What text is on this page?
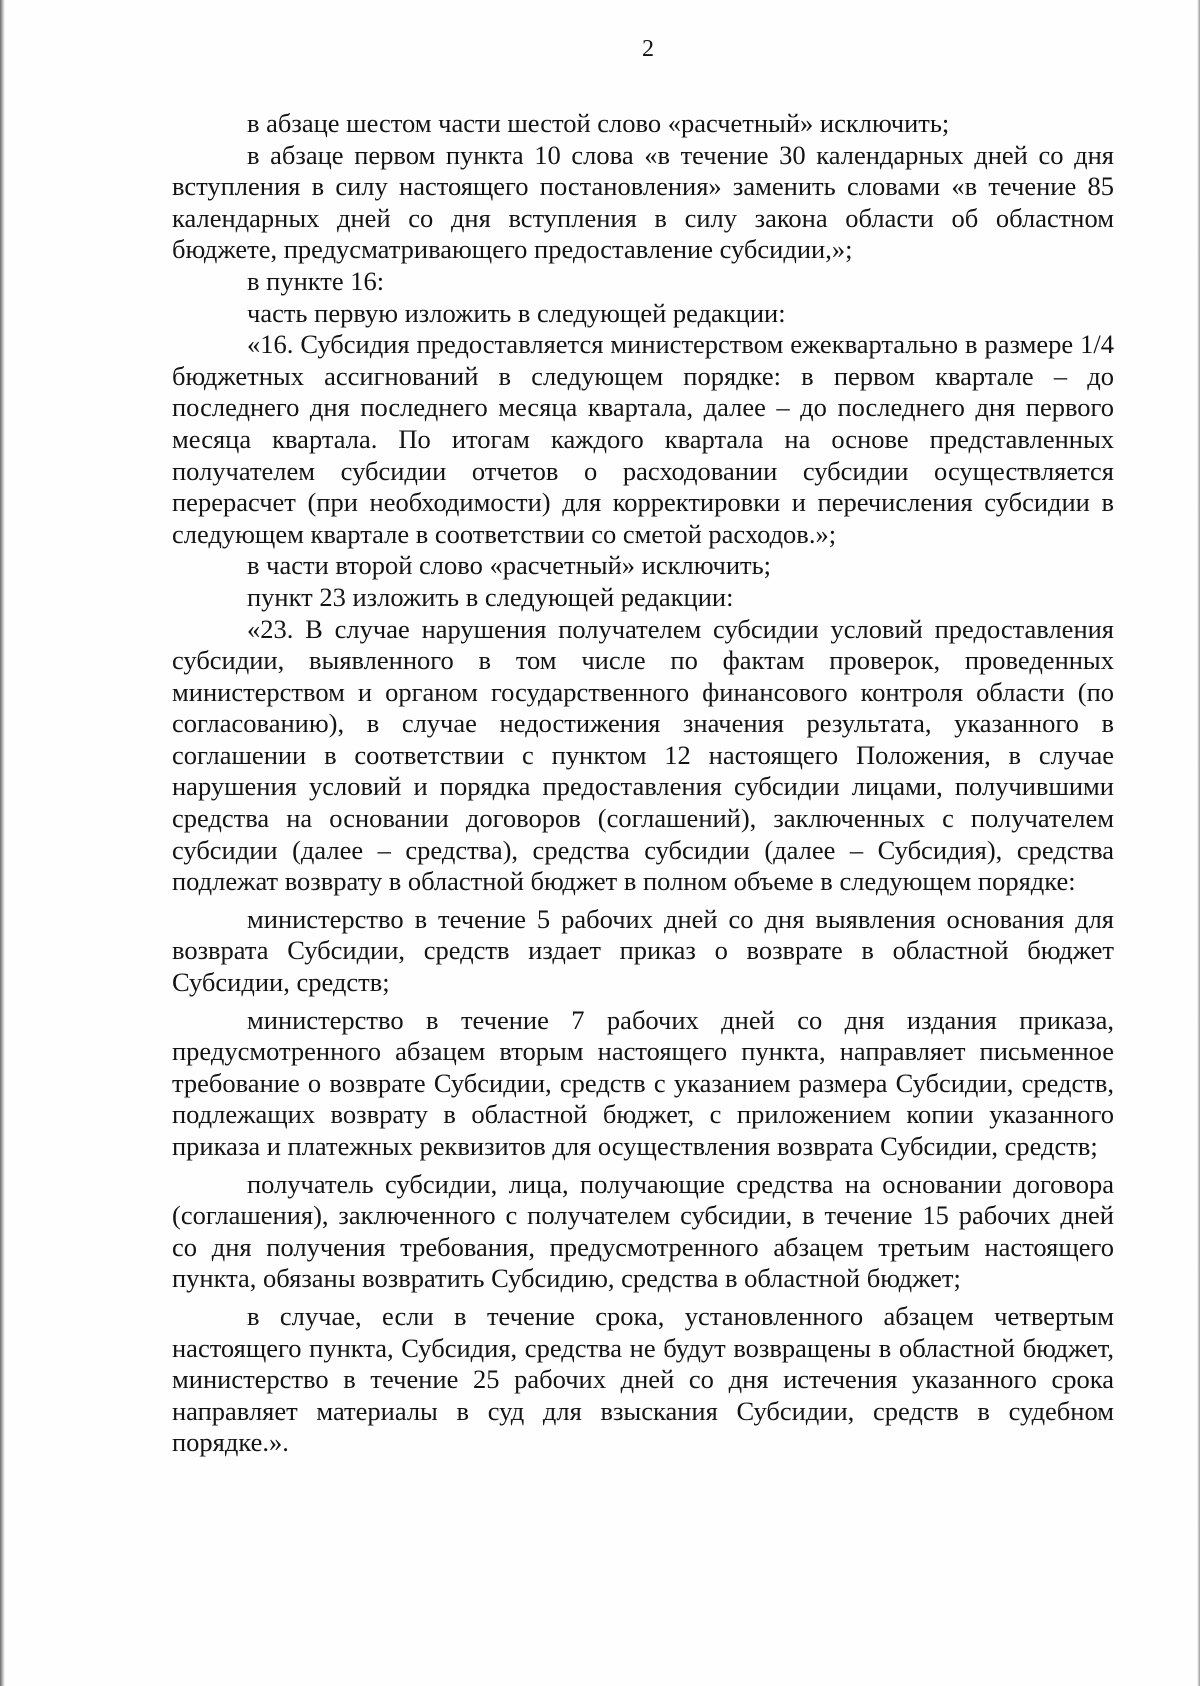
2

в абзаце шестом части шестой слово «расчетный» исключить;

в абзаце первом пункта 10 слова «в течение 30 календарных дней со дня вступления в силу настоящего постановления» заменить словами «в течение 85 календарных дней со дня вступления в силу закона области об областном бюджете, предусматривающего предоставление субсидии,»;

в пункте 16:

часть первую изложить в следующей редакции:

«16. Субсидия предоставляется министерством ежеквартально в размере 1/4 бюджетных ассигнований в следующем порядке: в первом квартале – до последнего дня последнего месяца квартала, далее – до последнего дня первого месяца квартала. По итогам каждого квартала на основе представленных получателем субсидии отчетов о расходовании субсидии осуществляется перерасчет (при необходимости) для корректировки и перечисления субсидии в следующем квартале в соответствии со сметой расходов.»;

в части второй слово «расчетный» исключить;

пункт 23 изложить в следующей редакции:

«23. В случае нарушения получателем субсидии условий предоставления субсидии, выявленного в том числе по фактам проверок, проведенных министерством и органом государственного финансового контроля области (по согласованию), в случае недостижения значения результата, указанного в соглашении в соответствии с пунктом 12 настоящего Положения, в случае нарушения условий и порядка предоставления субсидии лицами, получившими средства на основании договоров (соглашений), заключенных с получателем субсидии (далее – средства), средства субсидии (далее – Субсидия), средства подлежат возврату в областной бюджет в полном объеме в следующем порядке:

министерство в течение 5 рабочих дней со дня выявления основания для возврата Субсидии, средств издает приказ о возврате в областной бюджет Субсидии, средств;

министерство в течение 7 рабочих дней со дня издания приказа, предусмотренного абзацем вторым настоящего пункта, направляет письменное требование о возврате Субсидии, средств с указанием размера Субсидии, средств, подлежащих возврату в областной бюджет, с приложением копии указанного приказа и платежных реквизитов для осуществления возврата Субсидии, средств;

получатель субсидии, лица, получающие средства на основании договора (соглашения), заключенного с получателем субсидии, в течение 15 рабочих дней со дня получения требования, предусмотренного абзацем третьим настоящего пункта, обязаны возвратить Субсидию, средства в областной бюджет;

в случае, если в течение срока, установленного абзацем четвертым настоящего пункта, Субсидия, средства не будут возвращены в областной бюджет, министерство в течение 25 рабочих дней со дня истечения указанного срока направляет материалы в суд для взыскания Субсидии, средств в судебном порядке.».
